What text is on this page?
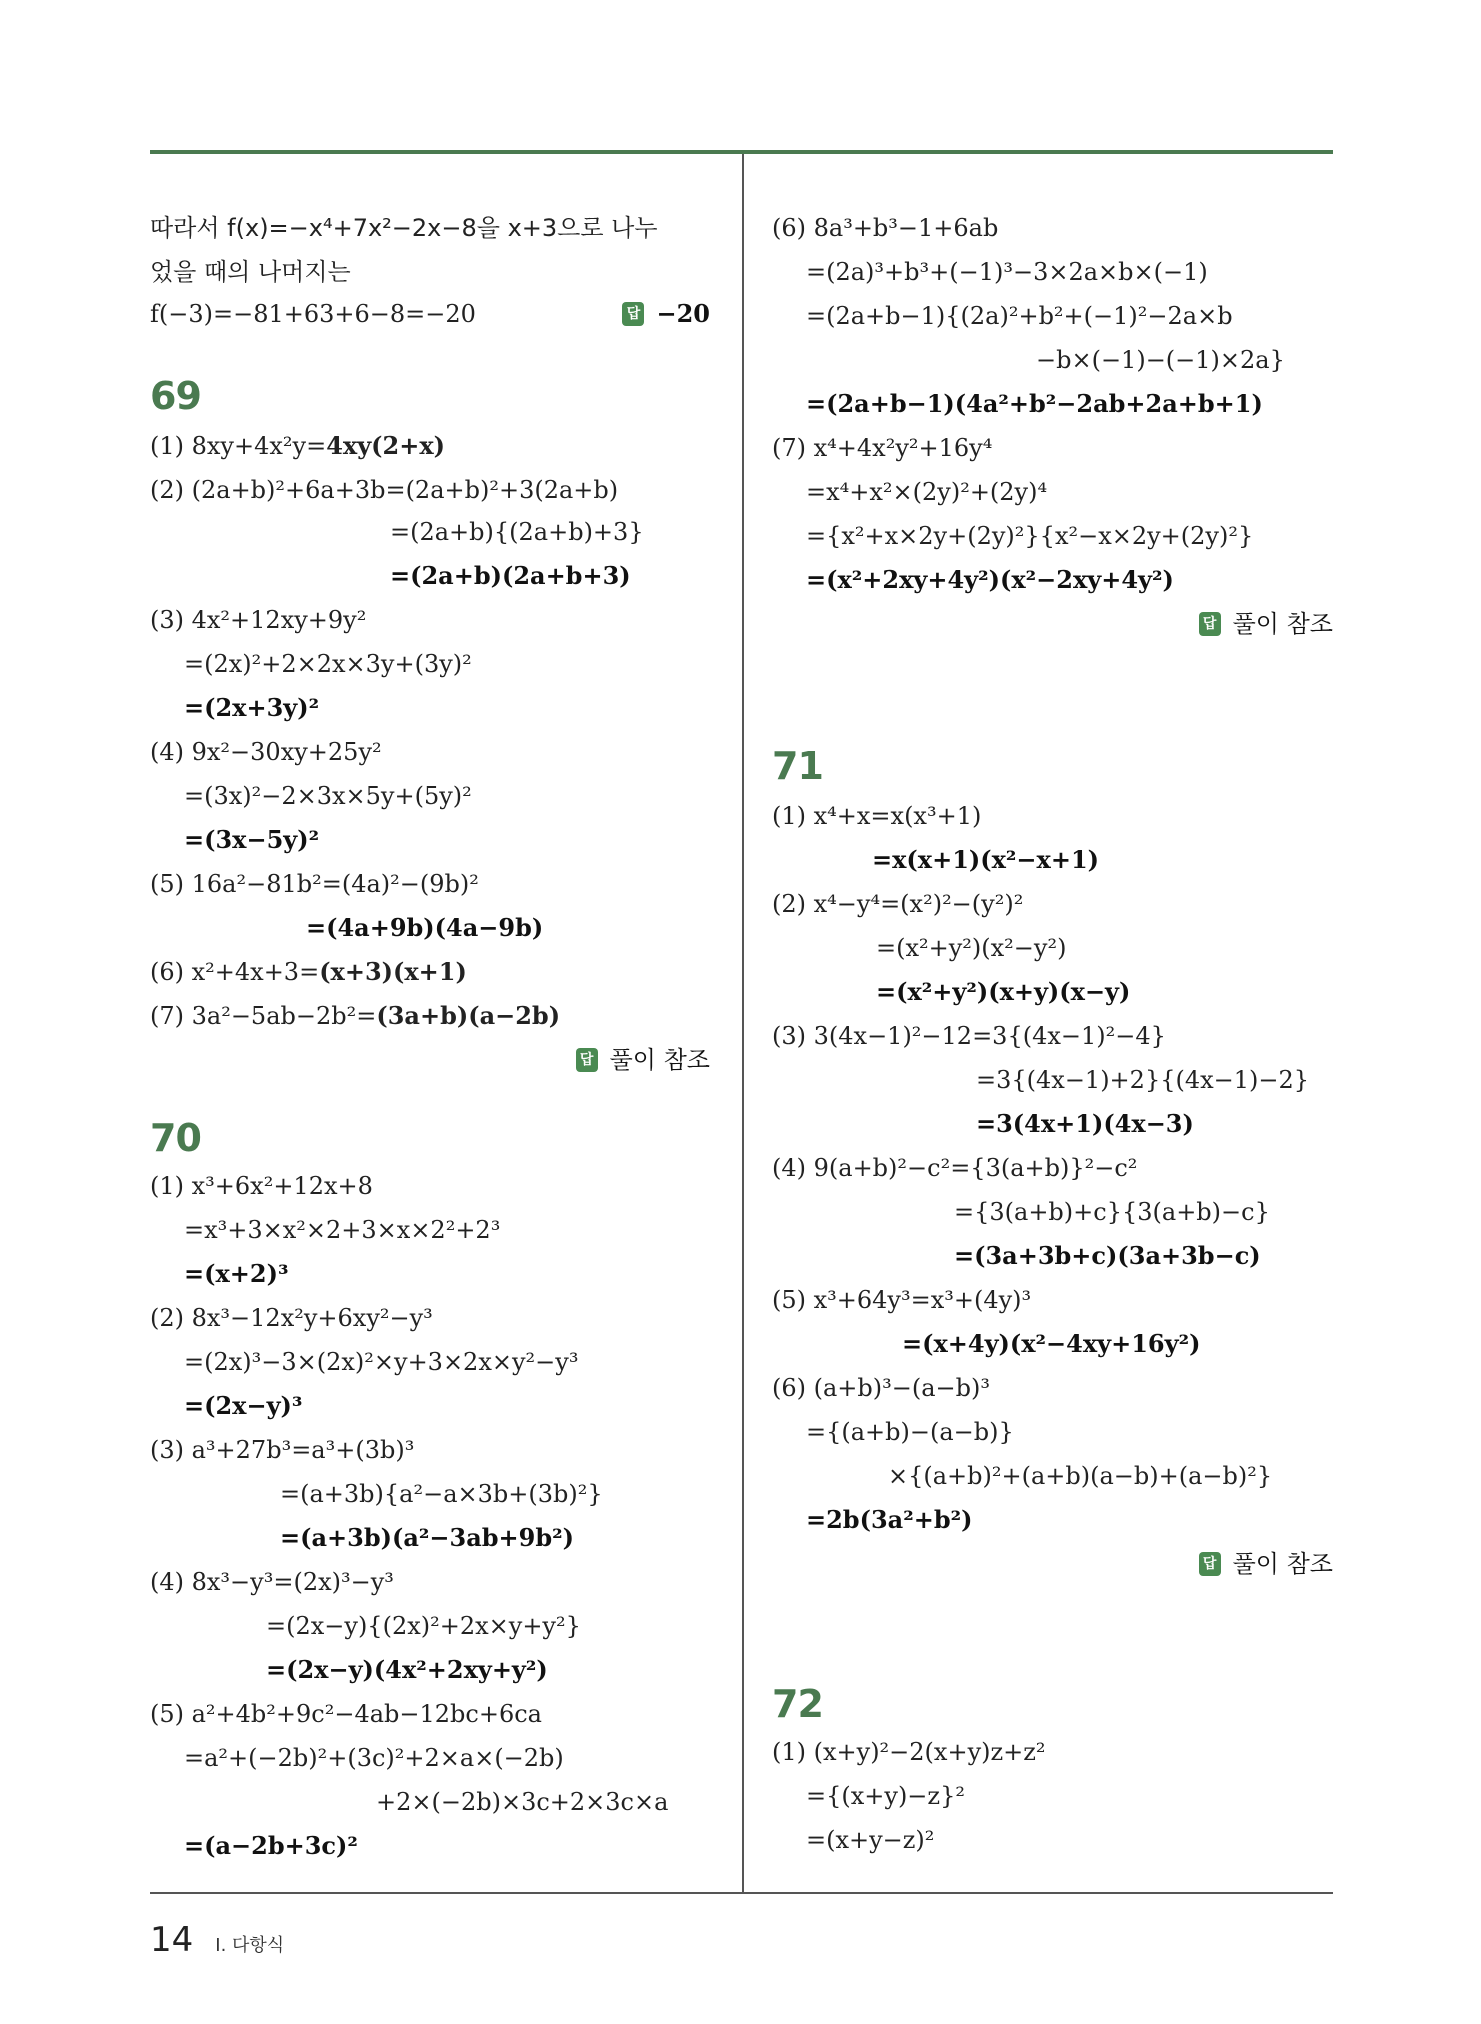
따라서 f(x)=−x⁴+7x²−2x−8을 x+3으로 나누
었을 때의 나머지는
f(−3)=−81+63+6−8=−20	답 −20
69
(1) 8xy+4x²y=4xy(2+x)
(2) (2a+b)²+6a+3b=(2a+b)²+3(2a+b)
=(2a+b){(2a+b)+3}
=(2a+b)(2a+b+3)
(3) 4x²+12xy+9y²
=(2x)²+2×2x×3y+(3y)²
=(2x+3y)²
(4) 9x²−30xy+25y²
=(3x)²−2×3x×5y+(5y)²
=(3x−5y)²
(5) 16a²−81b²=(4a)²−(9b)²
=(4a+9b)(4a−9b)
(6) x²+4x+3=(x+3)(x+1)
(7) 3a²−5ab−2b²=(3a+b)(a−2b)
답 풀이 참조
70
(1) x³+6x²+12x+8
=x³+3×x²×2+3×x×2²+2³
=(x+2)³
(2) 8x³−12x²y+6xy²−y³
=(2x)³−3×(2x)²×y+3×2x×y²−y³
=(2x−y)³
(3) a³+27b³=a³+(3b)³
=(a+3b){a²−a×3b+(3b)²}
=(a+3b)(a²−3ab+9b²)
(4) 8x³−y³=(2x)³−y³
=(2x−y){(2x)²+2x×y+y²}
=(2x−y)(4x²+2xy+y²)
(5) a²+4b²+9c²−4ab−12bc+6ca
=a²+(−2b)²+(3c)²+2×a×(−2b)
+2×(−2b)×3c+2×3c×a
=(a−2b+3c)²
(6) 8a³+b³−1+6ab
=(2a)³+b³+(−1)³−3×2a×b×(−1)
=(2a+b−1){(2a)²+b²+(−1)²−2a×b
−b×(−1)−(−1)×2a}
=(2a+b−1)(4a²+b²−2ab+2a+b+1)
(7) x⁴+4x²y²+16y⁴
=x⁴+x²×(2y)²+(2y)⁴
={x²+x×2y+(2y)²}{x²−x×2y+(2y)²}
=(x²+2xy+4y²)(x²−2xy+4y²)
답 풀이 참조
71
(1) x⁴+x=x(x³+1)
=x(x+1)(x²−x+1)
(2) x⁴−y⁴=(x²)²−(y²)²
=(x²+y²)(x²−y²)
=(x²+y²)(x+y)(x−y)
(3) 3(4x−1)²−12=3{(4x−1)²−4}
=3{(4x−1)+2}{(4x−1)−2}
=3(4x+1)(4x−3)
(4) 9(a+b)²−c²={3(a+b)}²−c²
={3(a+b)+c}{3(a+b)−c}
=(3a+3b+c)(3a+3b−c)
(5) x³+64y³=x³+(4y)³
=(x+4y)(x²−4xy+16y²)
(6) (a+b)³−(a−b)³
={(a+b)−(a−b)}
×{(a+b)²+(a+b)(a−b)+(a−b)²}
=2b(3a²+b²)
답 풀이 참조
72
(1) (x+y)²−2(x+y)z+z²
={(x+y)−z}²
=(x+y−z)²
14 Ⅰ. 다항식
